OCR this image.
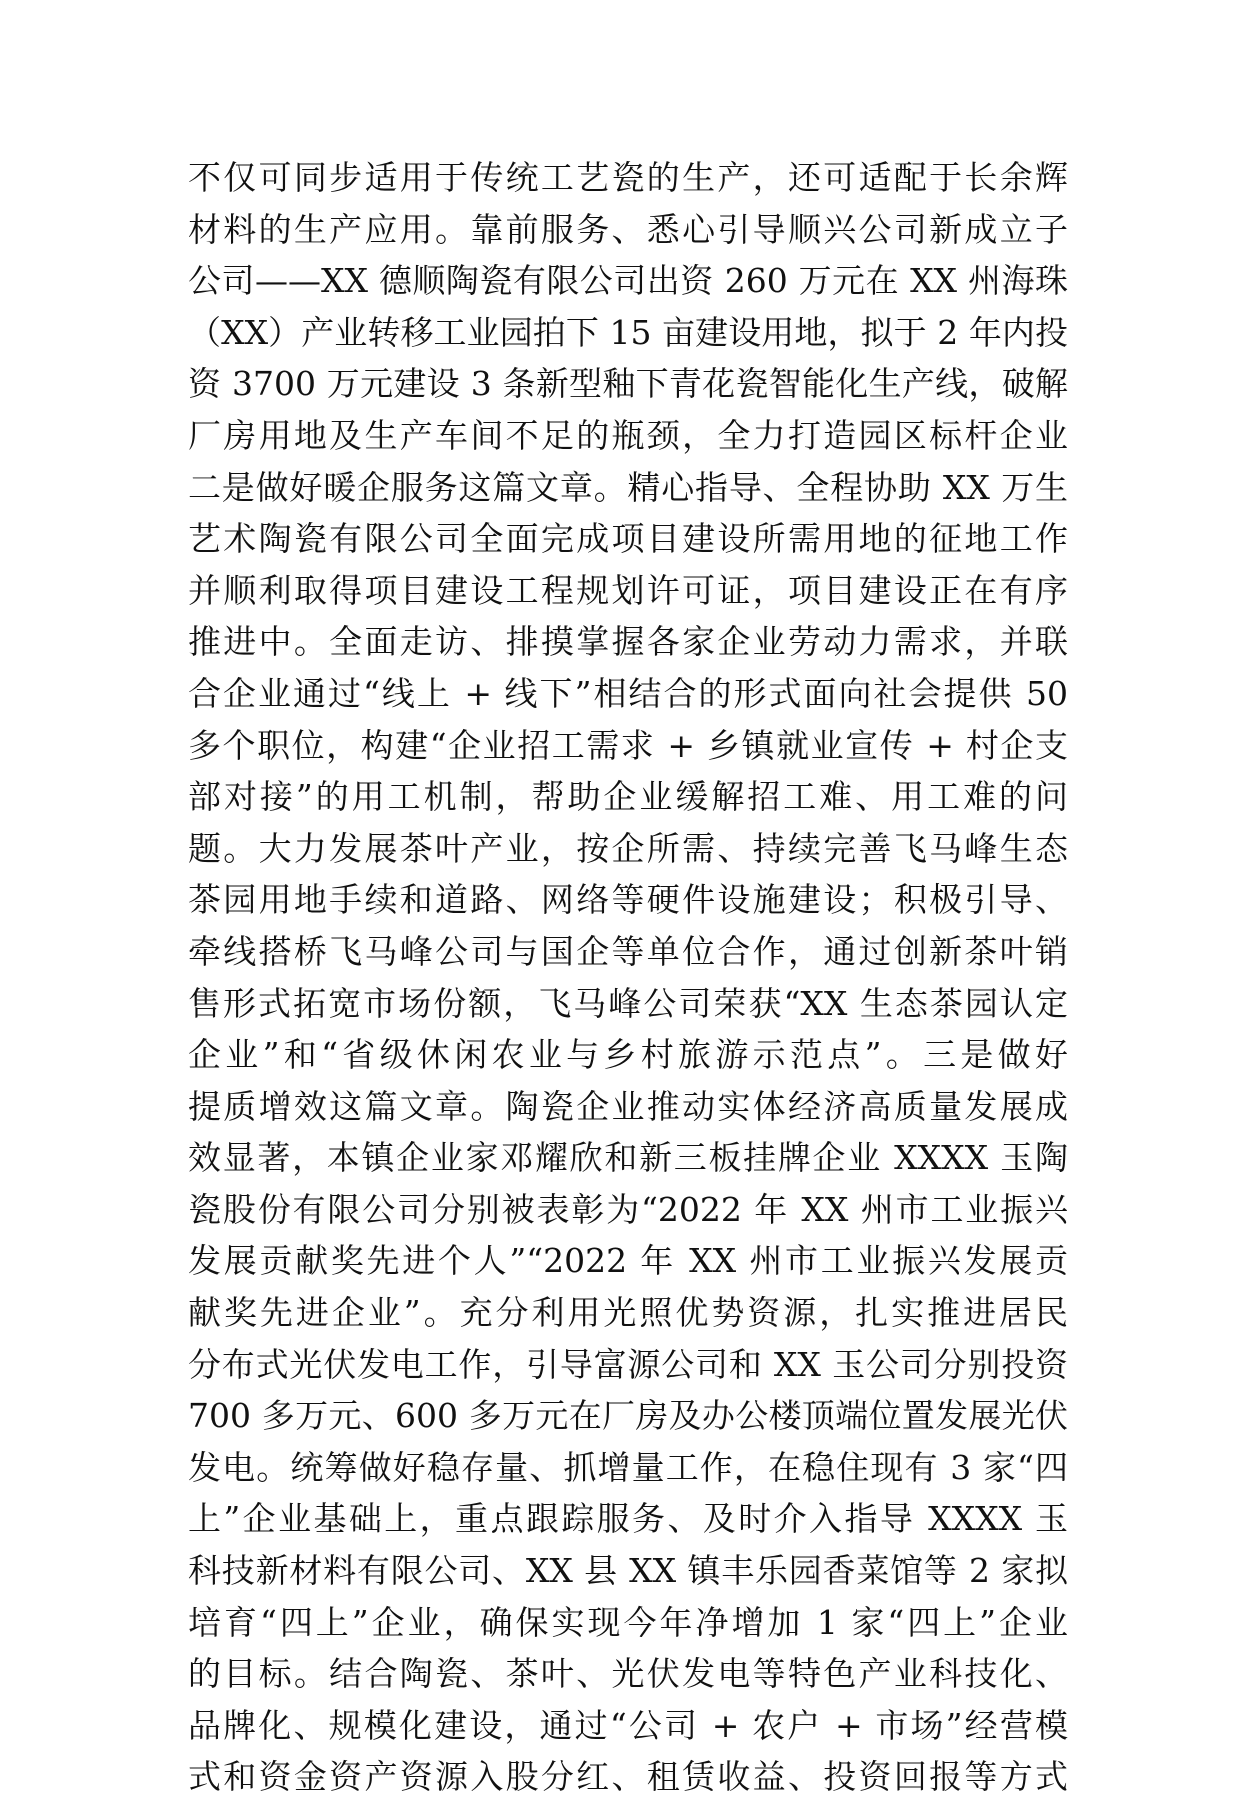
不仅可同步适用于传统工艺瓷的生产，还可适配于长余辉
材料的生产应用。靠前服务、悉心引导顺兴公司新成立子
公司——XX 德顺陶瓷有限公司出资 260 万元在 XX 州海珠
（XX）产业转移工业园拍下 15 亩建设用地，拟于 2 年内投
资 3700 万元建设 3 条新型釉下青花瓷智能化生产线，破解
厂房用地及生产车间不足的瓶颈，全力打造园区标杆企业
二是做好暖企服务这篇文章。精心指导、全程协助 XX 万生
艺术陶瓷有限公司全面完成项目建设所需用地的征地工作
并顺利取得项目建设工程规划许可证，项目建设正在有序
推进中。全面走访、排摸掌握各家企业劳动力需求，并联
合企业通过“线上 + 线下”相结合的形式面向社会提供 50
多个职位，构建“企业招工需求 + 乡镇就业宣传 + 村企支
部对接”的用工机制，帮助企业缓解招工难、用工难的问
题。大力发展茶叶产业，按企所需、持续完善飞马峰生态
茶园用地手续和道路、网络等硬件设施建设；积极引导、
牵线搭桥飞马峰公司与国企等单位合作，通过创新茶叶销
售形式拓宽市场份额，飞马峰公司荣获“XX 生态茶园认定
企业”和“省级休闲农业与乡村旅游示范点”。三是做好
提质增效这篇文章。陶瓷企业推动实体经济高质量发展成
效显著，本镇企业家邓耀欣和新三板挂牌企业 XXXX 玉陶
瓷股份有限公司分别被表彰为“2022 年 XX 州市工业振兴
发展贡献奖先进个人”“2022 年 XX 州市工业振兴发展贡
献奖先进企业”。充分利用光照优势资源，扎实推进居民
分布式光伏发电工作，引导富源公司和 XX 玉公司分别投资
700 多万元、600 多万元在厂房及办公楼顶端位置发展光伏
发电。统筹做好稳存量、抓增量工作，在稳住现有 3 家“四
上”企业基础上，重点跟踪服务、及时介入指导 XXXX 玉
科技新材料有限公司、XX 县 XX 镇丰乐园香菜馆等 2 家拟
培育“四上”企业，确保实现今年净增加 1 家“四上”企业
的目标。结合陶瓷、茶叶、光伏发电等特色产业科技化、
品牌化、规模化建设，通过“公司 + 农户 + 市场”经营模
式和资金资产资源入股分红、租赁收益、投资回报等方式
